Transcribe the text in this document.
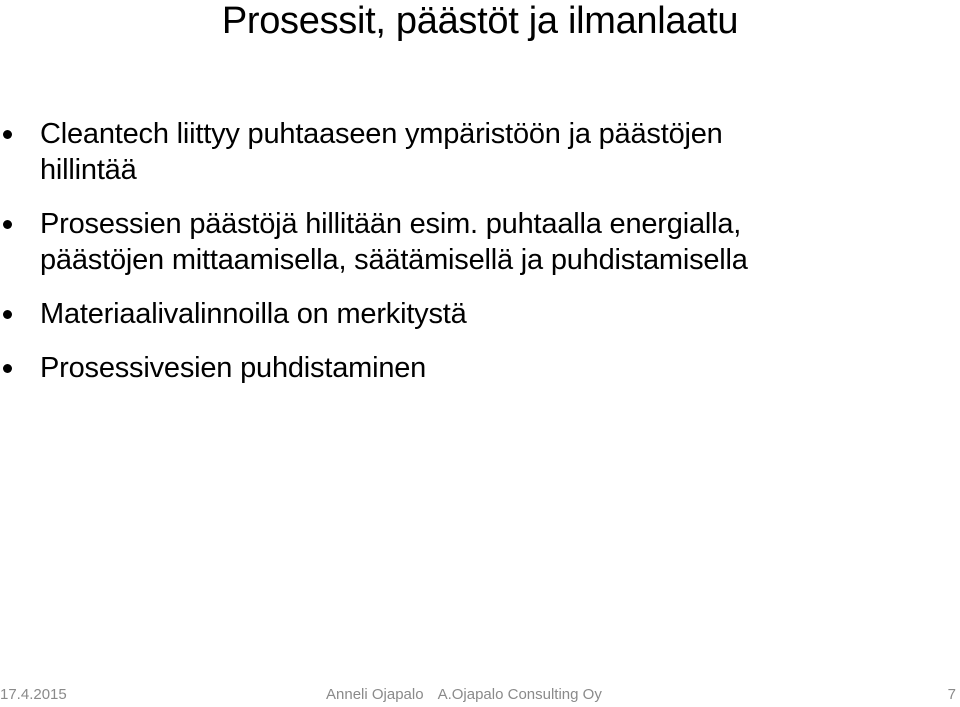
Prosessit, päästöt ja ilmanlaatu
Cleantech liittyy puhtaaseen ympäristöön ja päästöjen
hillintää
Prosessien päästöjä hillitään esim. puhtaalla energialla,
päästöjen mittaamisella, säätämisellä ja puhdistamisella
Materiaalivalinnoilla on merkitystä
Prosessivesien puhdistaminen
17.4.2015	Anneli Ojapalo A.Ojapalo Consulting Oy	7
